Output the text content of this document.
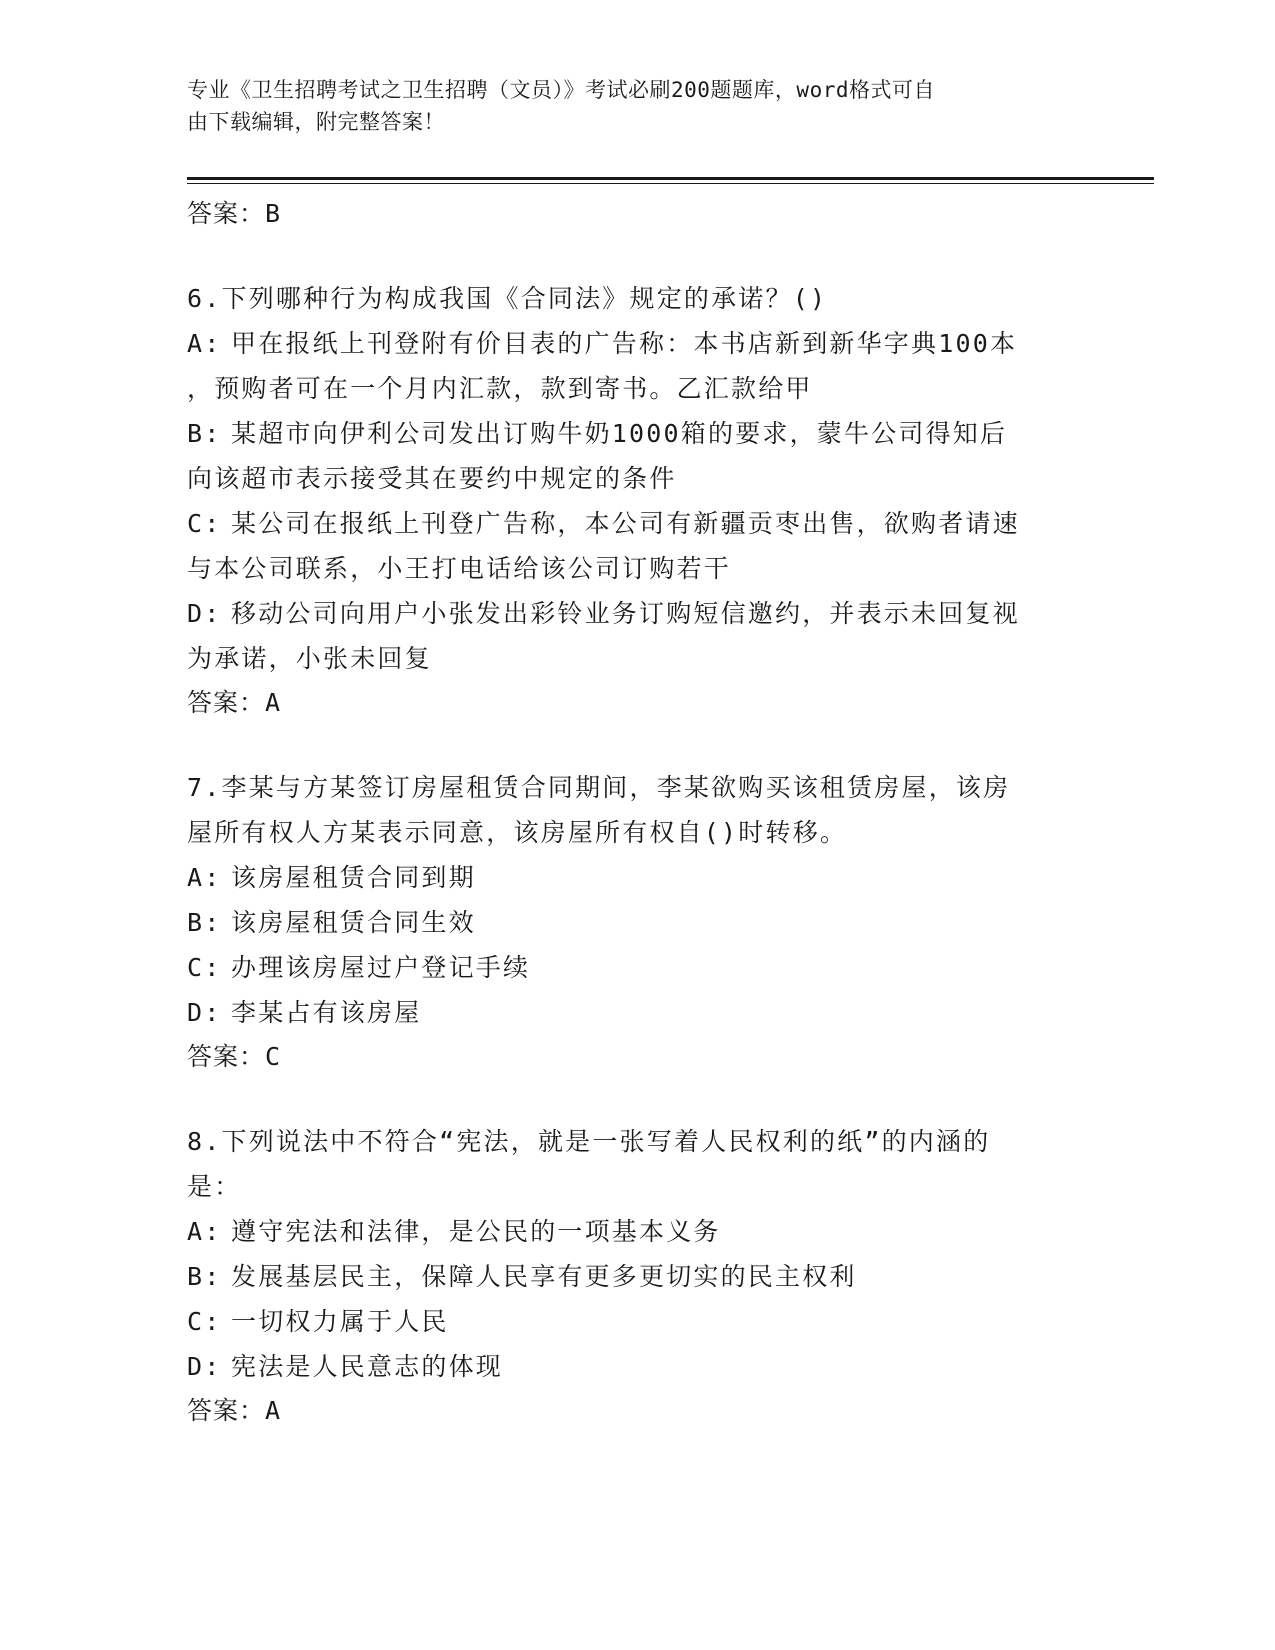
专业《卫生招聘考试之卫生招聘（文员）》考试必刷200题题库，word格式可自
由下载编辑，附完整答案！
答案：B

6.下列哪种行为构成我国《合同法》规定的承诺？()

A: 甲在报纸上刊登附有价目表的广告称：本书店新到新华字典100本

，预购者可在一个月内汇款，款到寄书。乙汇款给甲

B: 某超市向伊利公司发出订购牛奶1000箱的要求，蒙牛公司得知后

向该超市表示接受其在要约中规定的条件

C: 某公司在报纸上刊登广告称，本公司有新疆贡枣出售，欲购者请速

与本公司联系，小王打电话给该公司订购若干

D: 移动公司向用户小张发出彩铃业务订购短信邀约，并表示未回复视

为承诺，小张未回复

答案：A

7.李某与方某签订房屋租赁合同期间，李某欲购买该租赁房屋，该房

屋所有权人方某表示同意，该房屋所有权自()时转移。

A: 该房屋租赁合同到期

B: 该房屋租赁合同生效

C: 办理该房屋过户登记手续

D: 李某占有该房屋

答案：C

8.下列说法中不符合“宪法，就是一张写着人民权利的纸”的内涵的

是：

A: 遵守宪法和法律，是公民的一项基本义务

B: 发展基层民主，保障人民享有更多更切实的民主权利

C: 一切权力属于人民

D: 宪法是人民意志的体现

答案：A
